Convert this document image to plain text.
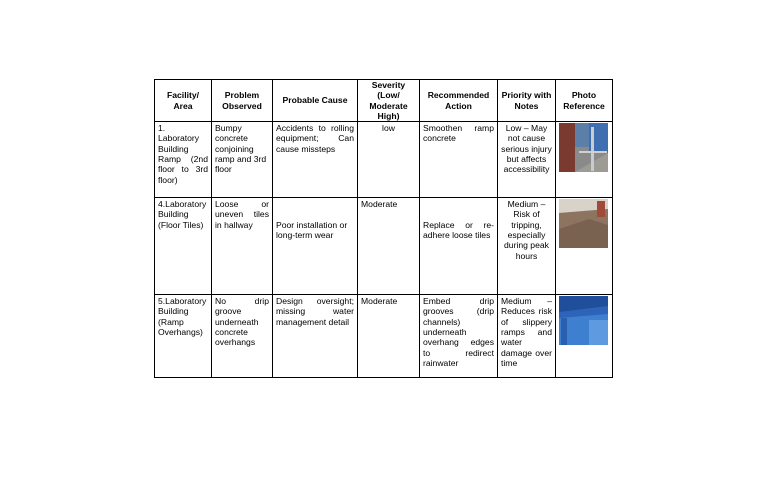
Facility/ Area	Problem Observed	Probable Cause	Severity (Low/ Moderate High)	Recommended Action	Priority with Notes	Photo Reference
1. Laboratory Building Ramp (2nd floor to 3rd floor)	Bumpy concrete conjoining ramp and 3rd floor	Accidents to rolling equipment; Can cause missteps	low	Smoothen ramp concrete	Low – May not cause serious injury but affects accessibility	

4.Laboratory Building (Floor Tiles)	Loose or uneven tiles in hallway	Poor installation or long-term wear	Moderate	Replace or re-adhere loose tiles	Medium – Risk of tripping, especially during peak hours	

5.Laboratory Building (Ramp Overhangs)	No drip groove underneath concrete overhangs	Design oversight; missing water management detail	Moderate	Embed drip grooves (drip channels) underneath overhang edges to redirect rainwater	Medium – Reduces risk of slippery ramps and water damage over time	
